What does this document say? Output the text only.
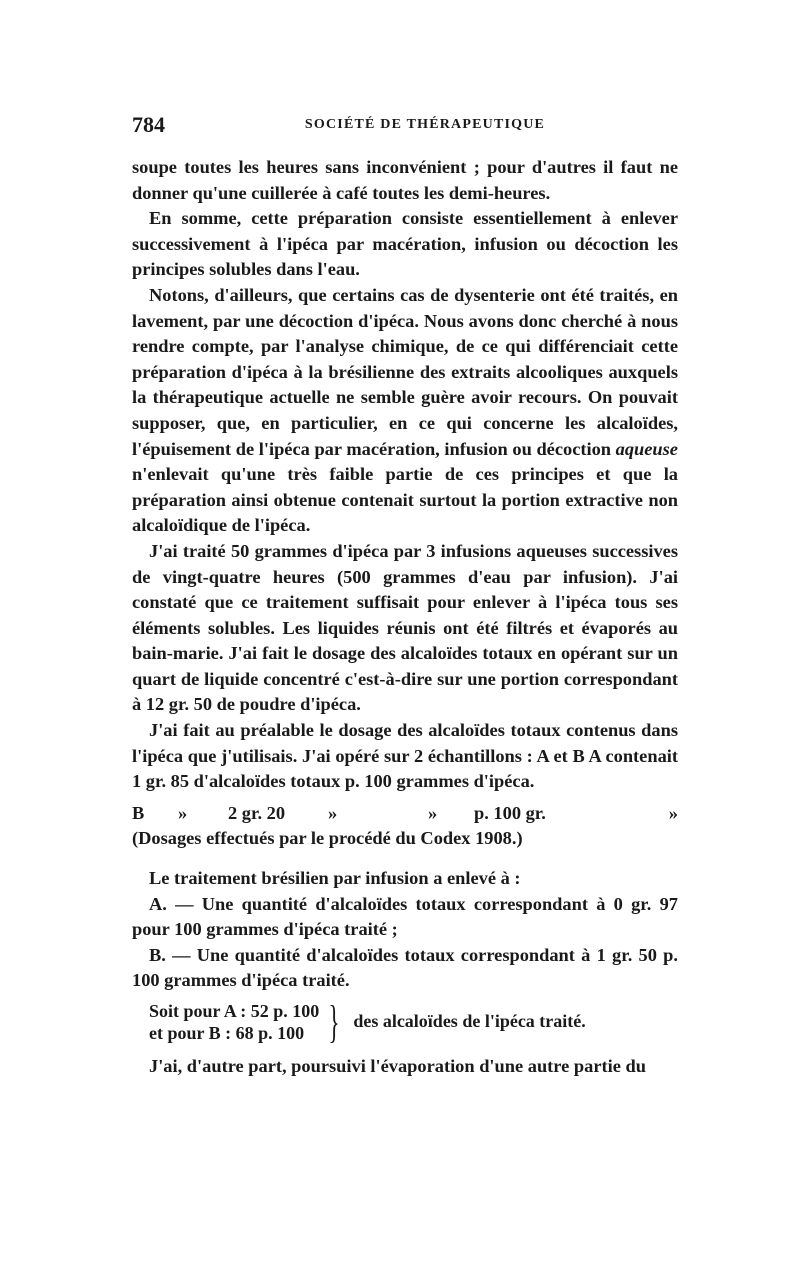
784	SOCIÉTÉ DE THÉRAPEUTIQUE

soupe toutes les heures sans inconvénient ; pour d'autres il faut ne donner qu'une cuillerée à café toutes les demi-heures.

En somme, cette préparation consiste essentiellement à enlever successivement à l'ipéca par macération, infusion ou décoction les principes solubles dans l'eau.

Notons, d'ailleurs, que certains cas de dysenterie ont été traités, en lavement, par une décoction d'ipéca. Nous avons donc cherché à nous rendre compte, par l'analyse chimique, de ce qui différenciait cette préparation d'ipéca à la brésilienne des extraits alcooliques auxquels la thérapeutique actuelle ne semble guère avoir recours. On pouvait supposer, que, en particulier, en ce qui concerne les alcaloïdes, l'épuisement de l'ipéca par macération, infusion ou décoction aqueuse n'enlevait qu'une très faible partie de ces principes et que la préparation ainsi obtenue contenait surtout la portion extractive non alcaloïdique de l'ipéca.

J'ai traité 50 grammes d'ipéca par 3 infusions aqueuses successives de vingt-quatre heures (500 grammes d'eau par infusion). J'ai constaté que ce traitement suffisait pour enlever à l'ipéca tous ses éléments solubles. Les liquides réunis ont été filtrés et évaporés au bain-marie. J'ai fait le dosage des alcaloïdes totaux en opérant sur un quart de liquide concentré c'est-à-dire sur une portion correspondant à 12 gr. 50 de poudre d'ipéca.

J'ai fait au préalable le dosage des alcaloïdes totaux contenus dans l'ipéca que j'utilisais. J'ai opéré sur 2 échantillons : A et B A contenait 1 gr. 85 d'alcaloïdes totaux p. 100 grammes d'ipéca.

B	»	2 gr. 20	»	»	p. 100 gr.	»

(Dosages effectués par le procédé du Codex 1908.)

Le traitement brésilien par infusion a enlevé à :

A. — Une quantité d'alcaloïdes totaux correspondant à 0 gr. 97 pour 100 grammes d'ipéca traité ;

B. — Une quantité d'alcaloïdes totaux correspondant à 1 gr. 50 p. 100 grammes d'ipéca traité.

Soit pour A : 52 p. 100
et pour B : 68 p. 100 } des alcaloïdes de l'ipéca traité.

J'ai, d'autre part, poursuivi l'évaporation d'une autre partie du
